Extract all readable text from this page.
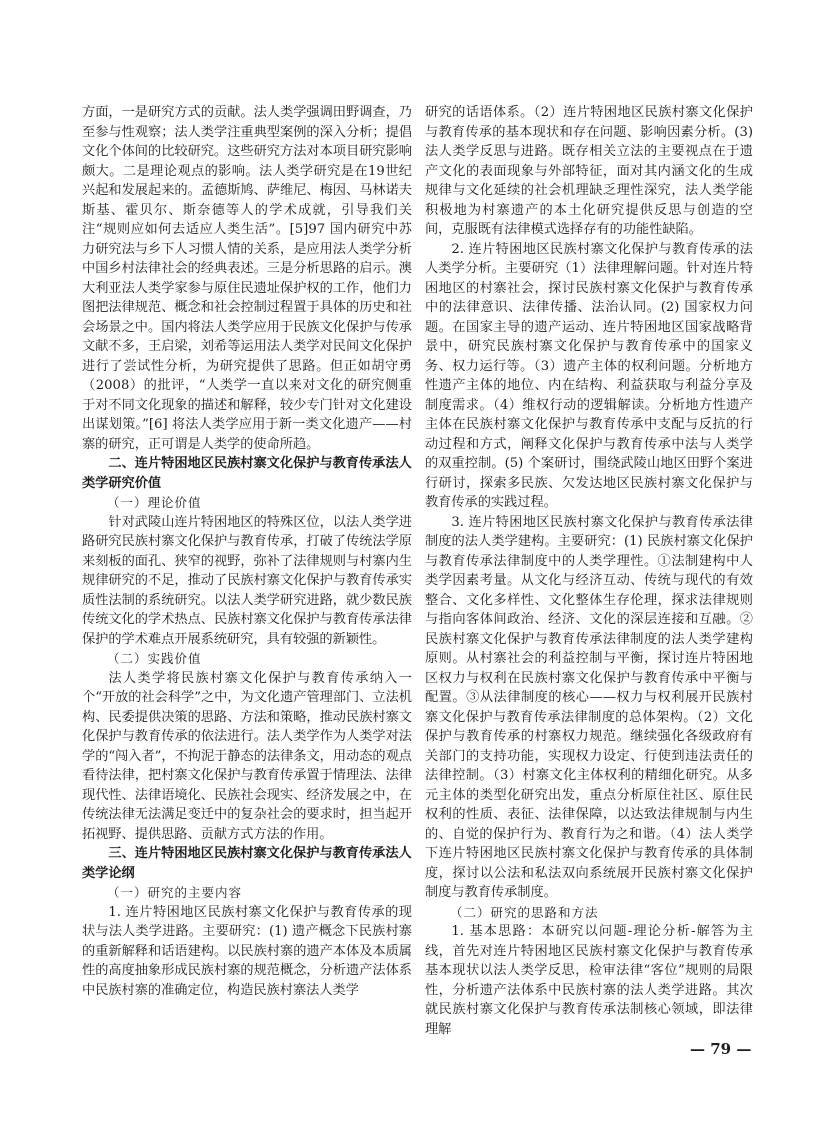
方面，一是研究方式的贡献。法人类学强调田野调查，乃至参与性观察；法人类学注重典型案例的深入分析；提倡文化个体间的比较研究。这些研究方法对本项目研究影响颇大。二是理论观点的影响。法人类学研究是在19世纪兴起和发展起来的。孟德斯鸠、萨维尼、梅因、马林诺夫斯基、霍贝尔、斯奈德等人的学术成就，引导我们关注“规则应如何去适应人类生活”。[5]97 国内研究中苏力研究法与乡下人习惯人情的关系，是应用法人类学分析中国乡村法律社会的经典表述。三是分析思路的启示。澳大利亚法人类学家参与原住民遗址保护权的工作，他们力图把法律规范、概念和社会控制过程置于具体的历史和社会场景之中。国内将法人类学应用于民族文化保护与传承文献不多，王启梁，刘希等运用法人类学对民间文化保护进行了尝试性分析，为研究提供了思路。但正如胡守勇（2008）的批评，“人类学一直以来对文化的研究侧重于对不同文化现象的描述和解释，较少专门针对文化建设出谋划策。”[6] 将法人类学应用于新一类文化遗产——村寨的研究，正可谓是人类学的使命所趋。

二、连片特困地区民族村寨文化保护与教育传承法人类学研究价值
（一）理论价值

针对武陵山连片特困地区的特殊区位，以法人类学进路研究民族村寨文化保护与教育传承，打破了传统法学原来刻板的面孔、狭窄的视野，弥补了法律规则与村寨内生规律研究的不足，推动了民族村寨文化保护与教育传承实质性法制的系统研究。以法人类学研究进路，就少数民族传统文化的学术热点、民族村寨文化保护与教育传承法律保护的学术难点开展系统研究，具有较强的新颖性。

（二）实践价值

法人类学将民族村寨文化保护与教育传承纳入一个“开放的社会科学”之中，为文化遗产管理部门、立法机构、民委提供决策的思路、方法和策略，推动民族村寨文化保护与教育传承的依法进行。法人类学作为人类学对法学的“闯入者”，不拘泥于静态的法律条文，用动态的观点看待法律，把村寨文化保护与教育传承置于情理法、法律现代性、法律语境化、民族社会现实、经济发展之中，在传统法律无法满足变迁中的复杂社会的要求时，担当起开拓视野、提供思路、贡献方式方法的作用。

三、连片特困地区民族村寨文化保护与教育传承法人类学论纲
（一）研究的主要内容

1. 连片特困地区民族村寨文化保护与教育传承的现状与法人类学进路。主要研究：(1) 遗产概念下民族村寨的重新解释和话语建构。以民族村寨的遗产本体及本质属性的高度抽象形成民族村寨的规范概念，分析遗产法体系中民族村寨的准确定位，构造民族村寨法人类学

研究的话语体系。（2）连片特困地区民族村寨文化保护与教育传承的基本现状和存在问题、影响因素分析。(3) 法人类学反思与进路。既存相关立法的主要视点在于遗产文化的表面现象与外部特征，面对其内涵文化的生成规律与文化延续的社会机理缺乏理性深究，法人类学能积极地为村寨遗产的本土化研究提供反思与创造的空间，克服既有法律模式选择存有的功能性缺陷。

2. 连片特困地区民族村寨文化保护与教育传承的法人类学分析。主要研究（1）法律理解问题。针对连片特困地区的村寨社会，探讨民族村寨文化保护与教育传承中的法律意识、法律传播、法治认同。(2) 国家权力问题。在国家主导的遗产运动、连片特困地区国家战略背景中，研究民族村寨文化保护与教育传承中的国家义务、权力运行等。（3）遗产主体的权利问题。分析地方性遗产主体的地位、内在结构、利益获取与利益分享及制度需求。（4）维权行动的逻辑解读。分析地方性遗产主体在民族村寨文化保护与教育传承中支配与反抗的行动过程和方式，阐释文化保护与教育传承中法与人类学的双重控制。(5) 个案研讨，围绕武陵山地区田野个案进行研讨，探索多民族、欠发达地区民族村寨文化保护与教育传承的实践过程。

3. 连片特困地区民族村寨文化保护与教育传承法律制度的法人类学建构。主要研究：(1) 民族村寨文化保护与教育传承法律制度中的人类学理性。①法制建构中人类学因素考量。从文化与经济互动、传统与现代的有效整合、文化多样性、文化整体生存伦理，探求法律规则与指向客体间政治、经济、文化的深层连接和互融。②民族村寨文化保护与教育传承法律制度的法人类学建构原则。从村寨社会的利益控制与平衡，探讨连片特困地区权力与权利在民族村寨文化保护与教育传承中平衡与配置。③从法律制度的核心——权力与权利展开民族村寨文化保护与教育传承法律制度的总体架构。（2）文化保护与教育传承的村寨权力规范。继续强化各级政府有关部门的支持功能，实现权力设定、行使到违法责任的法律控制。（3）村寨文化主体权利的精细化研究。从多元主体的类型化研究出发，重点分析原住社区、原住民权利的性质、表征、法律保障，以达致法律规制与内生的、自觉的保护行为、教育行为之和谐。（4）法人类学下连片特困地区民族村寨文化保护与教育传承的具体制度，探讨以公法和私法双向系统展开民族村寨文化保护制度与教育传承制度。

（二）研究的思路和方法

1. 基本思路：本研究以问题-理论分析-解答为主线，首先对连片特困地区民族村寨文化保护与教育传承基本现状以法人类学反思，检审法律“客位”规则的局限性，分析遗产法体系中民族村寨的法人类学进路。其次就民族村寨文化保护与教育传承法制核心领域，即法律理解

— 79 —
